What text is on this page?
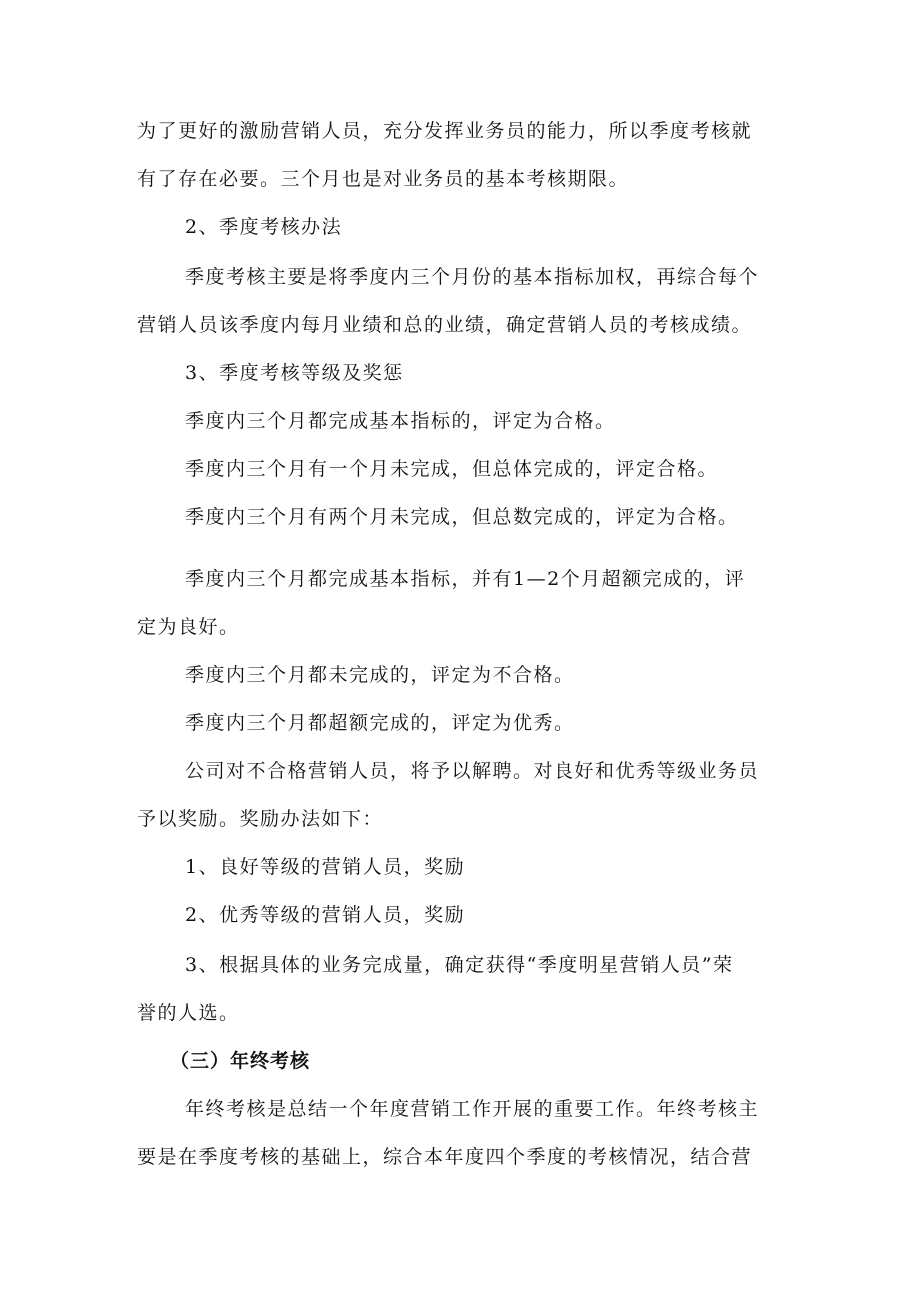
为了更好的激励营销人员，充分发挥业务员的能力，所以季度考核就
有了存在必要。三个月也是对业务员的基本考核期限。
2、季度考核办法
季度考核主要是将季度内三个月份的基本指标加权，再综合每个
营销人员该季度内每月业绩和总的业绩，确定营销人员的考核成绩。
3、季度考核等级及奖惩
季度内三个月都完成基本指标的，评定为合格。
季度内三个月有一个月未完成，但总体完成的，评定合格。
季度内三个月有两个月未完成，但总数完成的，评定为合格。
季度内三个月都完成基本指标，并有1—2个月超额完成的，评
定为良好。
季度内三个月都未完成的，评定为不合格。
季度内三个月都超额完成的，评定为优秀。
公司对不合格营销人员，将予以解聘。对良好和优秀等级业务员
予以奖励。奖励办法如下：
1、良好等级的营销人员，奖励
2、优秀等级的营销人员，奖励
3、根据具体的业务完成量，确定获得“季度明星营销人员”荣
誉的人选。
（三）年终考核
年终考核是总结一个年度营销工作开展的重要工作。年终考核主
要是在季度考核的基础上，综合本年度四个季度的考核情况，结合营
